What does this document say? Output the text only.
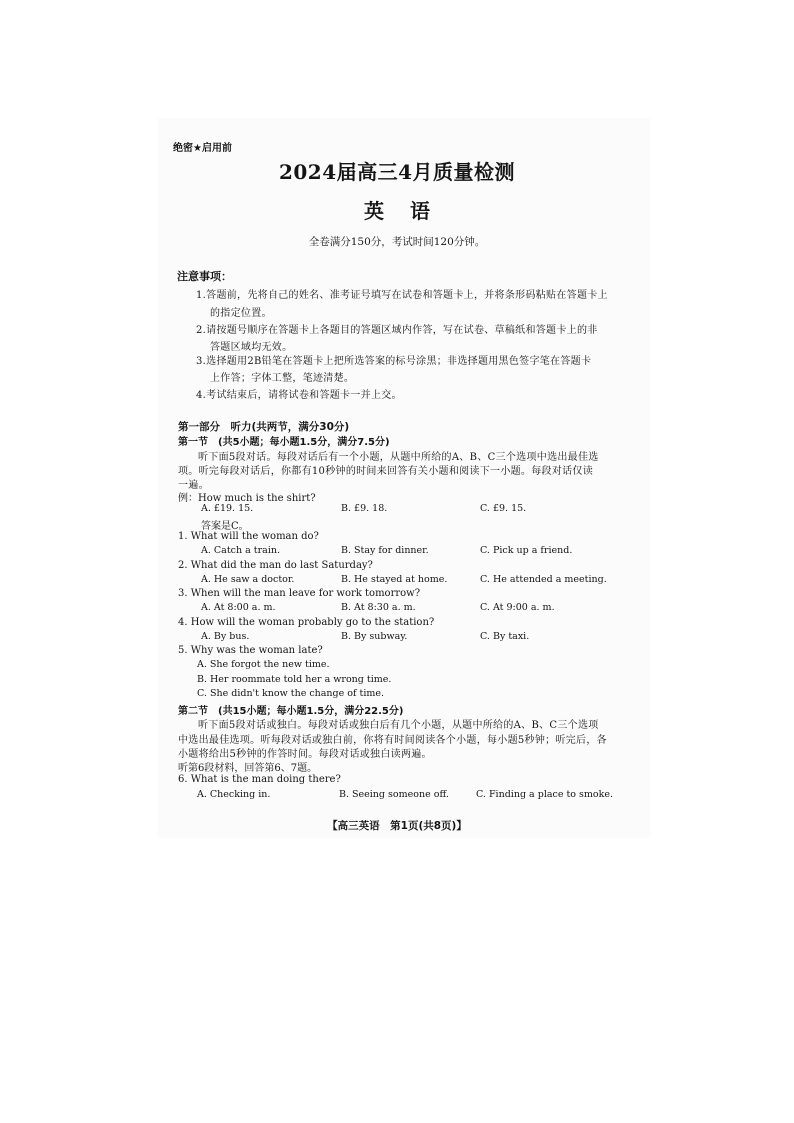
绝密★启用前
2024届高三4月质量检测
英语
全卷满分150分，考试时间120分钟。
注意事项：
1.答题前，先将自己的姓名、准考证号填写在试卷和答题卡上，并将条形码粘贴在答题卡上
的指定位置。
2.请按题号顺序在答题卡上各题目的答题区域内作答，写在试卷、草稿纸和答题卡上的非
答题区域均无效。
3.选择题用2B铅笔在答题卡上把所选答案的标号涂黑；非选择题用黑色签字笔在答题卡
上作答；字体工整，笔迹清楚。
4.考试结束后，请将试卷和答题卡一并上交。
第一部分　听力(共两节，满分30分)
第一节　(共5小题；每小题1.5分，满分7.5分)
听下面5段对话。每段对话后有一个小题，从题中所给的A、B、C三个选项中选出最佳选
项。听完每段对话后，你都有10秒钟的时间来回答有关小题和阅读下一小题。每段对话仅读
一遍。
例：How much is the shirt?
A. £19. 15.	B. £9. 18.	C. £9. 15.
答案是C。
1. What will the woman do?
A. Catch a train.	B. Stay for dinner.	C. Pick up a friend.
2. What did the man do last Saturday?
A. He saw a doctor.	B. He stayed at home.	C. He attended a meeting.
3. When will the man leave for work tomorrow?
A. At 8:00 a. m.	B. At 8:30 a. m.	C. At 9:00 a. m.
4. How will the woman probably go to the station?
A. By bus.	B. By subway.	C. By taxi.
5. Why was the woman late?
A. She forgot the new time.
B. Her roommate told her a wrong time.
C. She didn't know the change of time.
第二节　(共15小题；每小题1.5分，满分22.5分)
听下面5段对话或独白。每段对话或独白后有几个小题，从题中所给的A、B、C三个选项
中选出最佳选项。听每段对话或独白前，你将有时间阅读各个小题，每小题5秒钟；听完后，各
小题将给出5秒钟的作答时间。每段对话或独白读两遍。
听第6段材料，回答第6、7题。
6. What is the man doing there?
A. Checking in.	B. Seeing someone off.	C. Finding a place to smoke.
【高三英语　第1页(共8页)】
